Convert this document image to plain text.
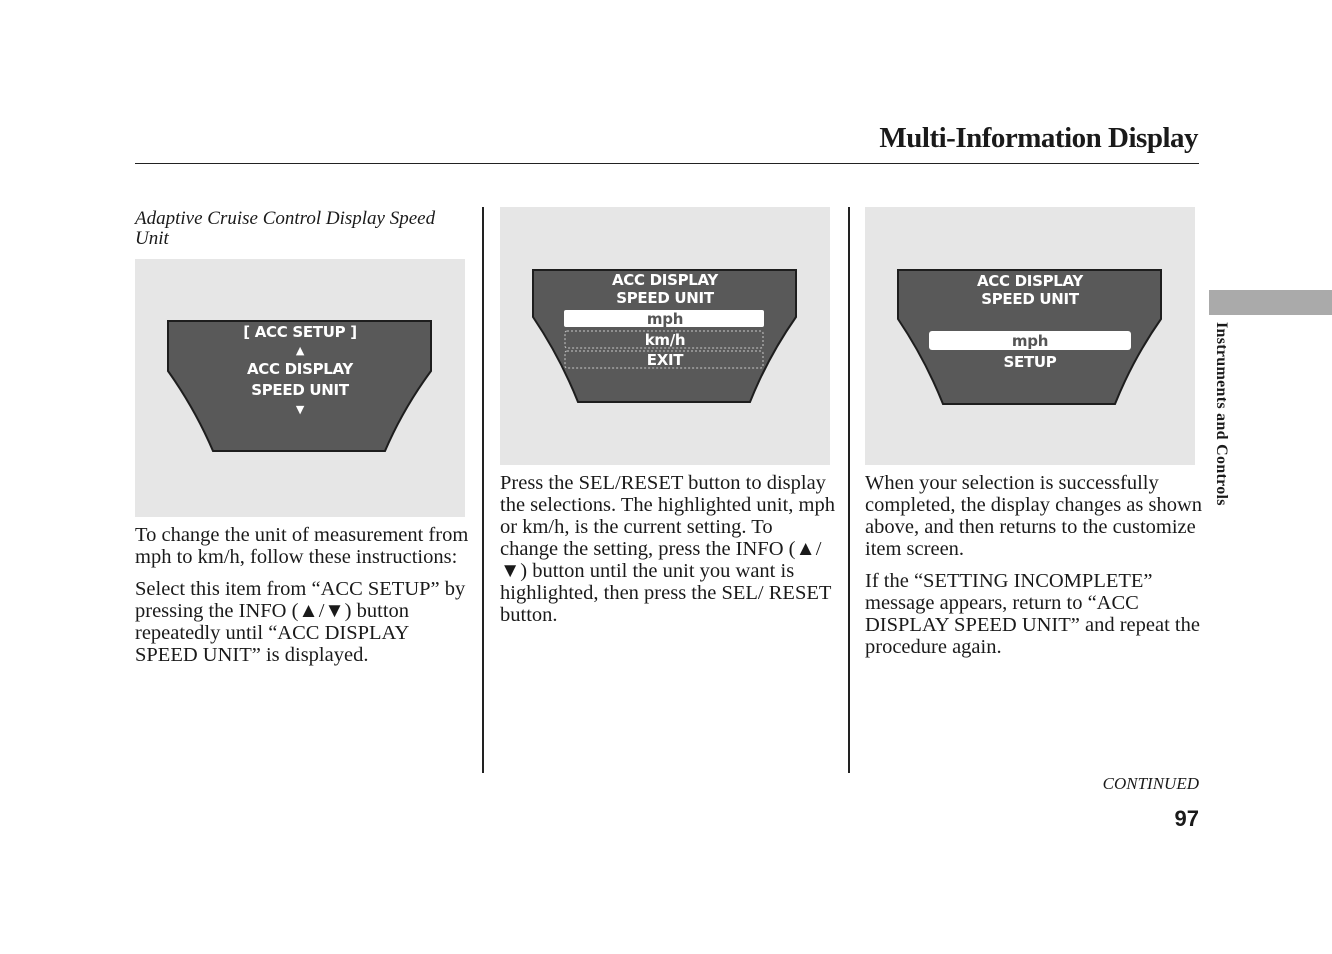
Multi-Information Display
Adaptive Cruise Control Display Speed Unit
[ ACC SETUP ]
▲
ACC DISPLAY
SPEED UNIT
▼
ACC DISPLAY
SPEED UNIT
mph
km/h
EXIT
ACC DISPLAY
SPEED UNIT
mph
SETUP

To change the unit of measurement from mph to km/h, follow these instructions:

Select this item from “ACC SETUP” by pressing the INFO (▲/▼) button repeatedly until “ACC DISPLAY SPEED UNIT” is displayed.

Press the SEL/RESET button to display the selections. The highlighted unit, mph or km/h, is the current setting. To change the setting, press the INFO (▲/▼) button until the unit you want is highlighted, then press the SEL/ RESET button.

When your selection is successfully completed, the display changes as shown above, and then returns to the customize item screen.

If the “SETTING INCOMPLETE” message appears, return to “ACC DISPLAY SPEED UNIT” and repeat the procedure again.

Instruments and Controls
CONTINUED
97
